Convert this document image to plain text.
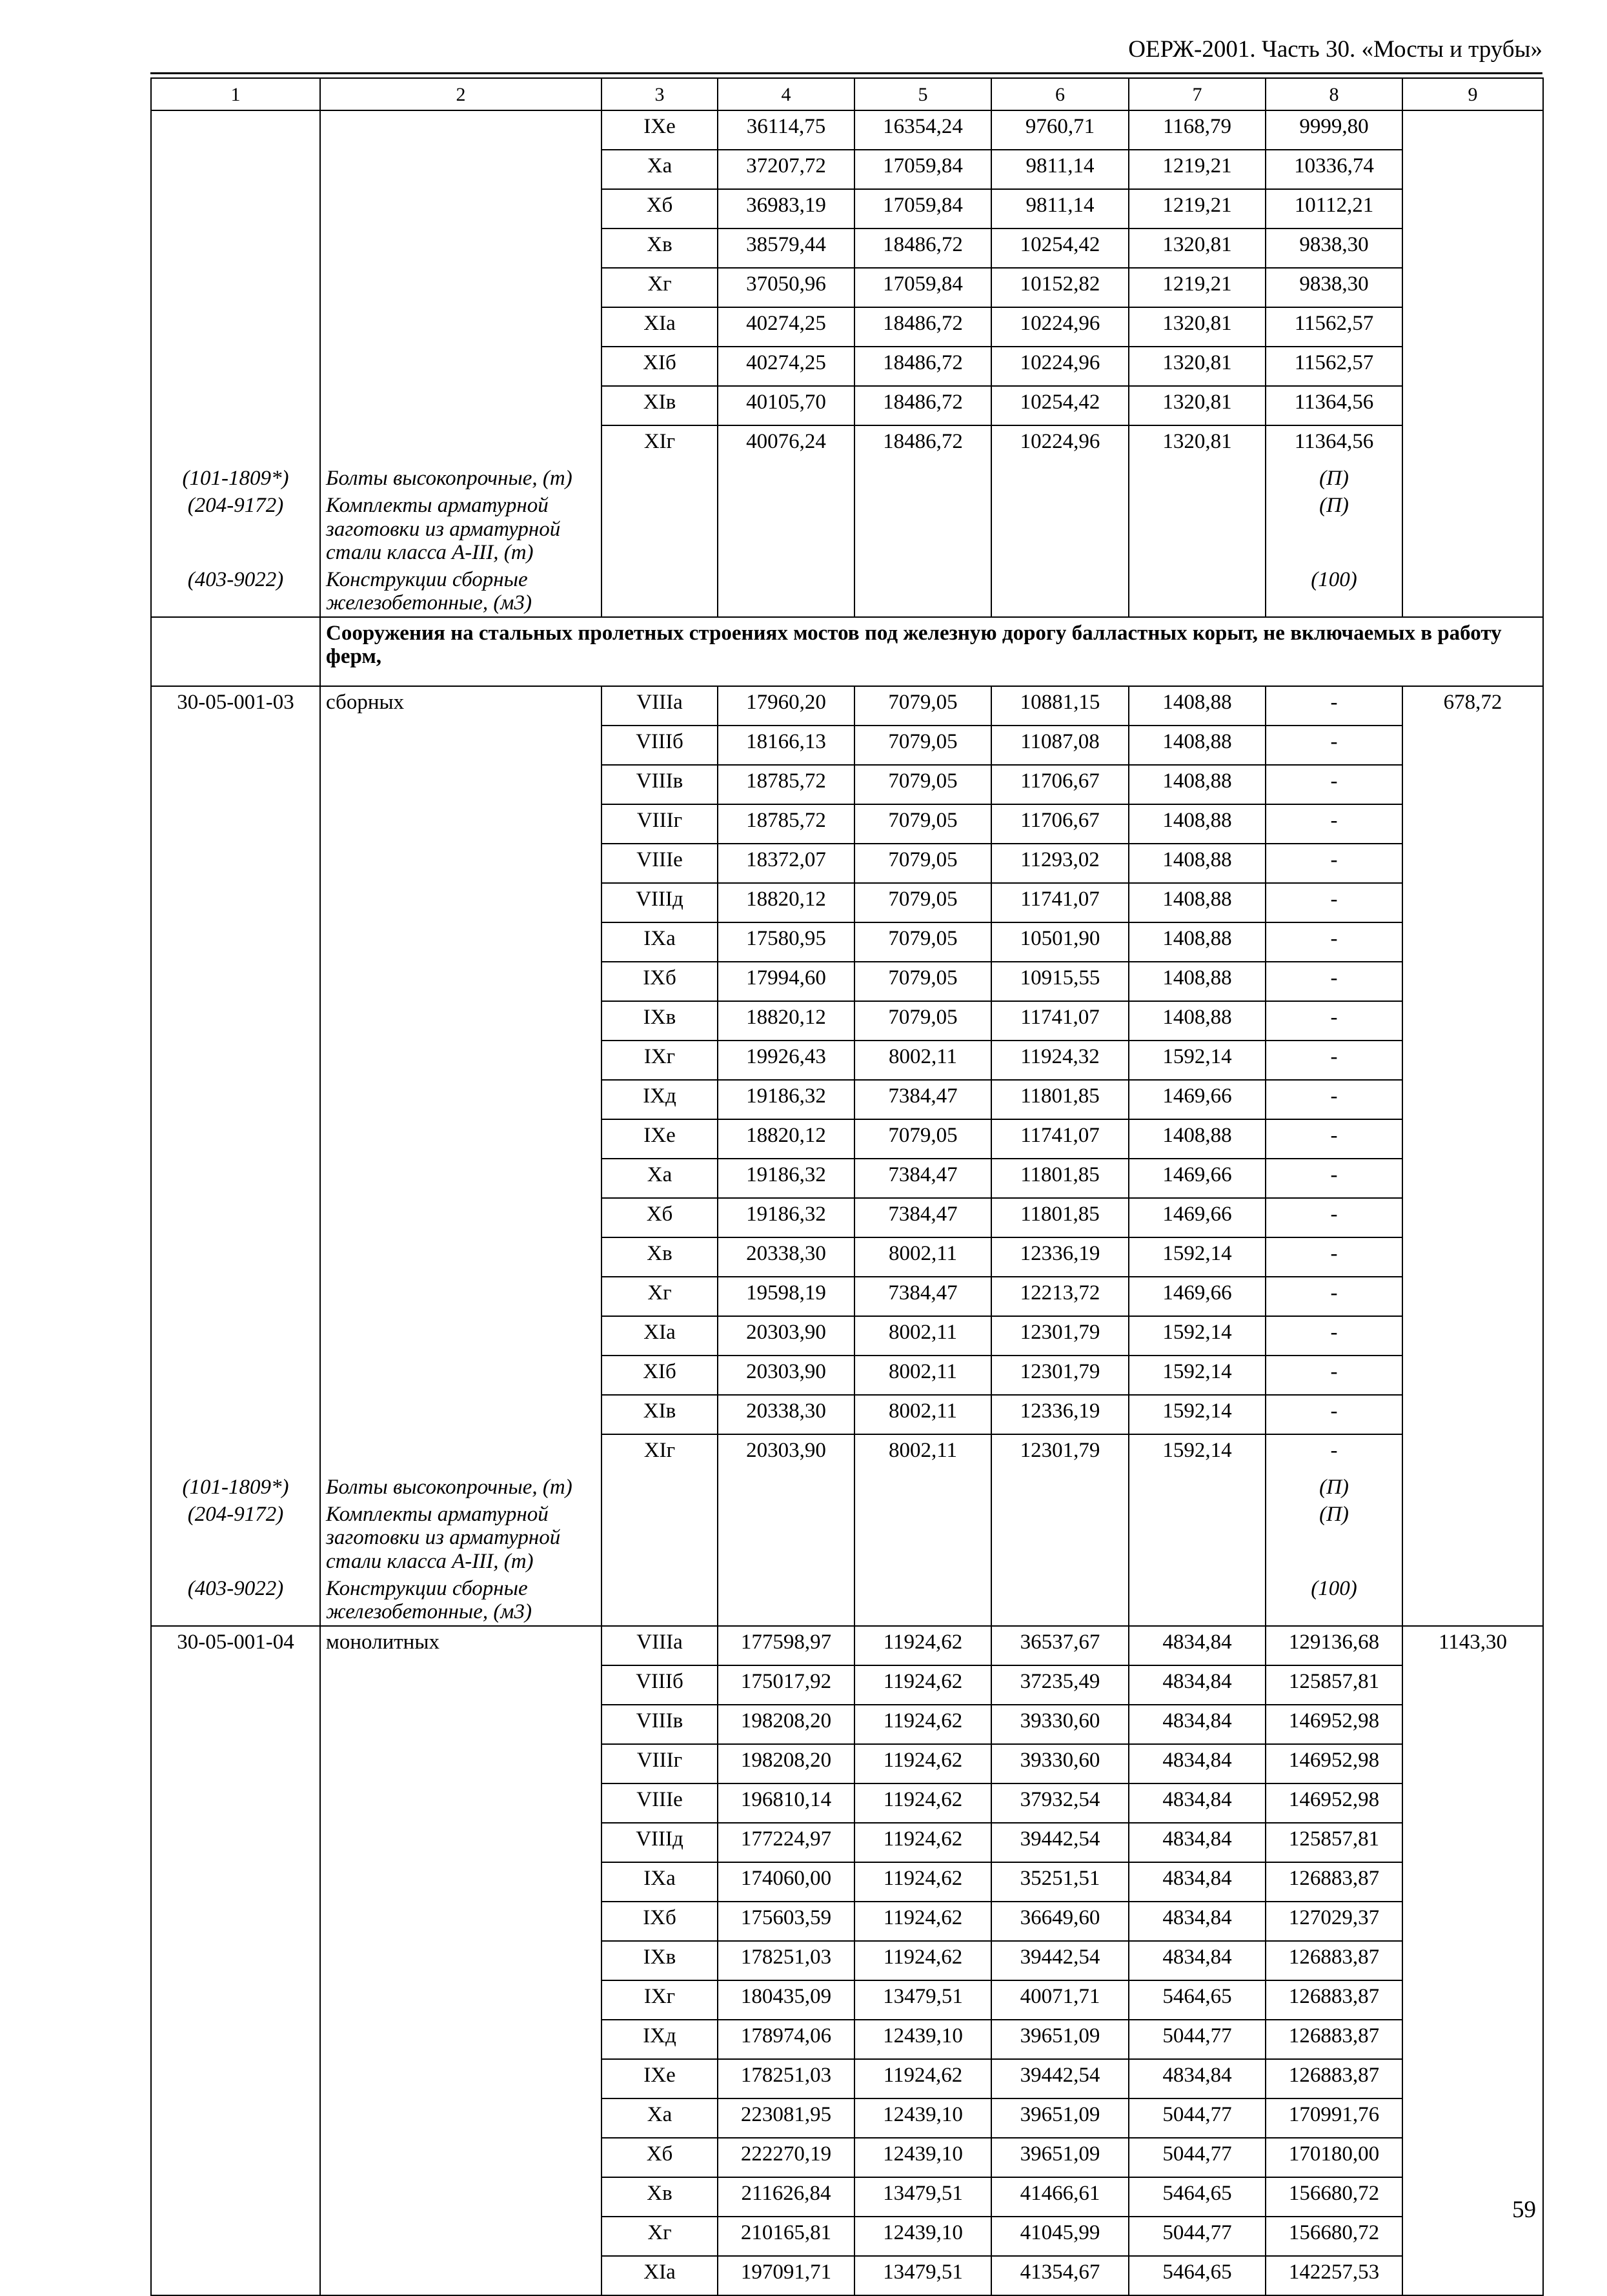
ОЕРЖ-2001. Часть 30. «Мосты и трубы»
1	2	3	4	5	6	7	8	9
		IXе	36114,75	16354,24	9760,71	1168,79	9999,80	
		Xа	37207,72	17059,84	9811,14	1219,21	10336,74	
		Xб	36983,19	17059,84	9811,14	1219,21	10112,21	
		Xв	38579,44	18486,72	10254,42	1320,81	9838,30	
		Xг	37050,96	17059,84	10152,82	1219,21	9838,30	
		XIа	40274,25	18486,72	10224,96	1320,81	11562,57	
		XIб	40274,25	18486,72	10224,96	1320,81	11562,57	
		XIв	40105,70	18486,72	10254,42	1320,81	11364,56	
		XIг	40076,24	18486,72	10224,96	1320,81	11364,56	
(101-1809*)	Болты высокопрочные, (т)						(П)	
(204-9172)	Комплекты арматурной заготовки из арматурной стали класса А-III, (т)						(П)	
(403-9022)	Конструкции сборные железобетонные, (м3)						(100)	
	Сооружения на стальных пролетных строениях мостов под железную дорогу балластных корыт, не включаемых в работу ферм,							
30-05-001-03	сборных	VIIIа	17960,20	7079,05	10881,15	1408,88	-	678,72
		VIIIб	18166,13	7079,05	11087,08	1408,88	-	
		VIIIв	18785,72	7079,05	11706,67	1408,88	-	
		VIIIг	18785,72	7079,05	11706,67	1408,88	-	
		VIIIе	18372,07	7079,05	11293,02	1408,88	-	
		VIIIд	18820,12	7079,05	11741,07	1408,88	-	
		IXа	17580,95	7079,05	10501,90	1408,88	-	
		IXб	17994,60	7079,05	10915,55	1408,88	-	
		IXв	18820,12	7079,05	11741,07	1408,88	-	
		IXг	19926,43	8002,11	11924,32	1592,14	-	
		IXд	19186,32	7384,47	11801,85	1469,66	-	
		IXе	18820,12	7079,05	11741,07	1408,88	-	
		Xа	19186,32	7384,47	11801,85	1469,66	-	
		Xб	19186,32	7384,47	11801,85	1469,66	-	
		Xв	20338,30	8002,11	12336,19	1592,14	-	
		Xг	19598,19	7384,47	12213,72	1469,66	-	
		XIа	20303,90	8002,11	12301,79	1592,14	-	
		XIб	20303,90	8002,11	12301,79	1592,14	-	
		XIв	20338,30	8002,11	12336,19	1592,14	-	
		XIг	20303,90	8002,11	12301,79	1592,14	-	
(101-1809*)	Болты высокопрочные, (т)						(П)	
(204-9172)	Комплекты арматурной заготовки из арматурной стали класса А-III, (т)						(П)	
(403-9022)	Конструкции сборные железобетонные, (м3)						(100)	
30-05-001-04	монолитных	VIIIа	177598,97	11924,62	36537,67	4834,84	129136,68	1143,30
		VIIIб	175017,92	11924,62	37235,49	4834,84	125857,81	
		VIIIв	198208,20	11924,62	39330,60	4834,84	146952,98	
		VIIIг	198208,20	11924,62	39330,60	4834,84	146952,98	
		VIIIе	196810,14	11924,62	37932,54	4834,84	146952,98	
		VIIIд	177224,97	11924,62	39442,54	4834,84	125857,81	
		IXа	174060,00	11924,62	35251,51	4834,84	126883,87	
		IXб	175603,59	11924,62	36649,60	4834,84	127029,37	
		IXв	178251,03	11924,62	39442,54	4834,84	126883,87	
		IXг	180435,09	13479,51	40071,71	5464,65	126883,87	
		IXд	178974,06	12439,10	39651,09	5044,77	126883,87	
		IXе	178251,03	11924,62	39442,54	4834,84	126883,87	
		Xа	223081,95	12439,10	39651,09	5044,77	170991,76	
		Xб	222270,19	12439,10	39651,09	5044,77	170180,00	
		Xв	211626,84	13479,51	41466,61	5464,65	156680,72	
		Xг	210165,81	12439,10	41045,99	5044,77	156680,72	
		XIа	197091,71	13479,51	41354,67	5464,65	142257,53	
59
